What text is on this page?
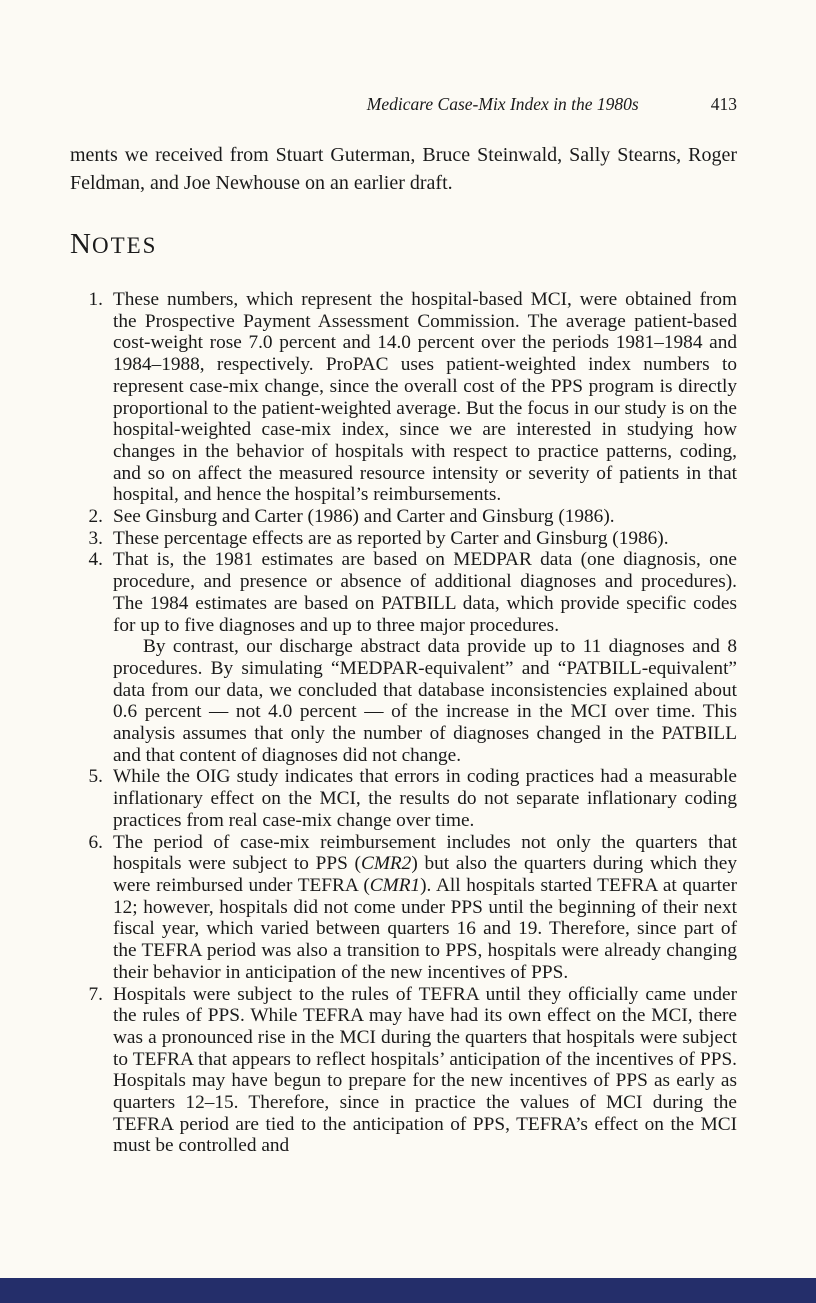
Medicare Case-Mix Index in the 1980s	413

ments we received from Stuart Guterman, Bruce Steinwald, Sally Stearns, Roger Feldman, and Joe Newhouse on an earlier draft.

NOTES
1. These numbers, which represent the hospital-based MCI, were obtained from the Prospective Payment Assessment Commission. The average patient-based cost-weight rose 7.0 percent and 14.0 percent over the periods 1981–1984 and 1984–1988, respectively. ProPAC uses patient-weighted index numbers to represent case-mix change, since the overall cost of the PPS program is directly proportional to the patient-weighted average. But the focus in our study is on the hospital-weighted case-mix index, since we are interested in studying how changes in the behavior of hospitals with respect to practice patterns, coding, and so on affect the measured resource intensity or severity of patients in that hospital, and hence the hospital’s reimbursements.

2. See Ginsburg and Carter (1986) and Carter and Ginsburg (1986).

3. These percentage effects are as reported by Carter and Ginsburg (1986).

4. That is, the 1981 estimates are based on MEDPAR data (one diagnosis, one procedure, and presence or absence of additional diagnoses and procedures). The 1984 estimates are based on PATBILL data, which provide specific codes for up to five diagnoses and up to three major procedures.

By contrast, our discharge abstract data provide up to 11 diagnoses and 8 procedures. By simulating “MEDPAR-equivalent” and “PATBILL-equivalent” data from our data, we concluded that database inconsistencies explained about 0.6 percent — not 4.0 percent — of the increase in the MCI over time. This analysis assumes that only the number of diagnoses changed in the PATBILL and that content of diagnoses did not change.

5. While the OIG study indicates that errors in coding practices had a measurable inflationary effect on the MCI, the results do not separate inflationary coding practices from real case-mix change over time.

6. The period of case-mix reimbursement includes not only the quarters that hospitals were subject to PPS (CMR2) but also the quarters during which they were reimbursed under TEFRA (CMR1). All hospitals started TEFRA at quarter 12; however, hospitals did not come under PPS until the beginning of their next fiscal year, which varied between quarters 16 and 19. Therefore, since part of the TEFRA period was also a transition to PPS, hospitals were already changing their behavior in anticipation of the new incentives of PPS.

7. Hospitals were subject to the rules of TEFRA until they officially came under the rules of PPS. While TEFRA may have had its own effect on the MCI, there was a pronounced rise in the MCI during the quarters that hospitals were subject to TEFRA that appears to reflect hospitals’ anticipation of the incentives of PPS. Hospitals may have begun to prepare for the new incentives of PPS as early as quarters 12–15. Therefore, since in practice the values of MCI during the TEFRA period are tied to the anticipation of PPS, TEFRA’s effect on the MCI must be controlled and
